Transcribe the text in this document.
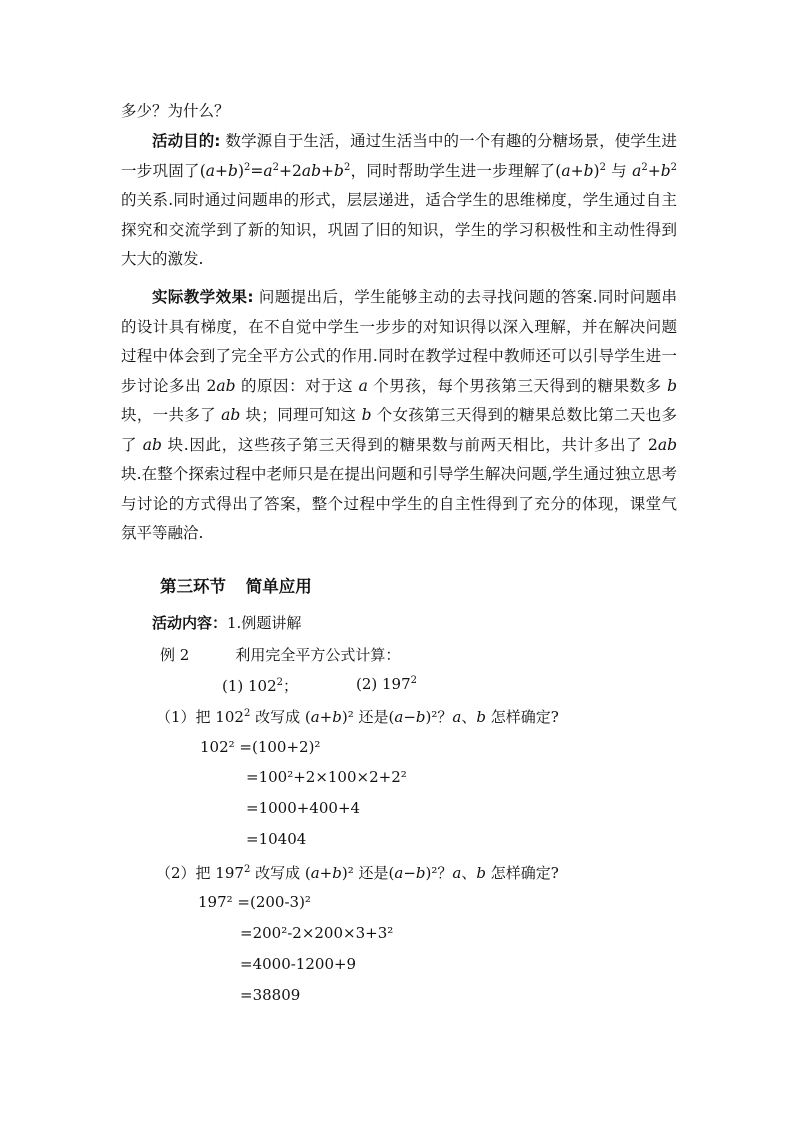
多少？为什么？

活动目的: 数学源自于生活，通过生活当中的一个有趣的分糖场景，使学生进一步巩固了$(a+b)^2=a^2+2ab+b^2$，同时帮助学生进一步理解了$(a+b)^2$ 与 $a^2+b^2$ 的关系.同时通过问题串的形式，层层递进，适合学生的思维梯度，学生通过自主探究和交流学到了新的知识，巩固了旧的知识，学生的学习积极性和主动性得到大大的激发.

实际教学效果: 问题提出后，学生能够主动的去寻找问题的答案.同时问题串的设计具有梯度，在不自觉中学生一步步的对知识得以深入理解，并在解决问题过程中体会到了完全平方公式的作用.同时在教学过程中教师还可以引导学生进一步讨论多出 2ab 的原因：对于这 a 个男孩，每个男孩第三天得到的糖果数多 b 块，一共多了 ab 块；同理可知这 b 个女孩第三天得到的糖果总数比第二天也多了 ab 块.因此，这些孩子第三天得到的糖果数与前两天相比，共计多出了 2ab 块.在整个探索过程中老师只是在提出问题和引导学生解决问题,学生通过独立思考与讨论的方式得出了答案，整个过程中学生的自主性得到了充分的体现，课堂气氛平等融洽.

第三环节 简单应用
活动内容：1.例题讲解
例 2	利用完全平方公式计算：
(1) $102^2$；	(2) $197^2$
（1）把 $102^2$ 改写成 (a+b)² 还是(a−b)²？a、b 怎样确定?
102² =(100+2)²
=100²+2×100×2+2²
=1000+400+4
=10404
（2）把 $197^2$ 改写成 (a+b)² 还是(a−b)²？a、b 怎样确定?
197² =(200-3)²
=200²-2×200×3+3²
=4000-1200+9
=38809
